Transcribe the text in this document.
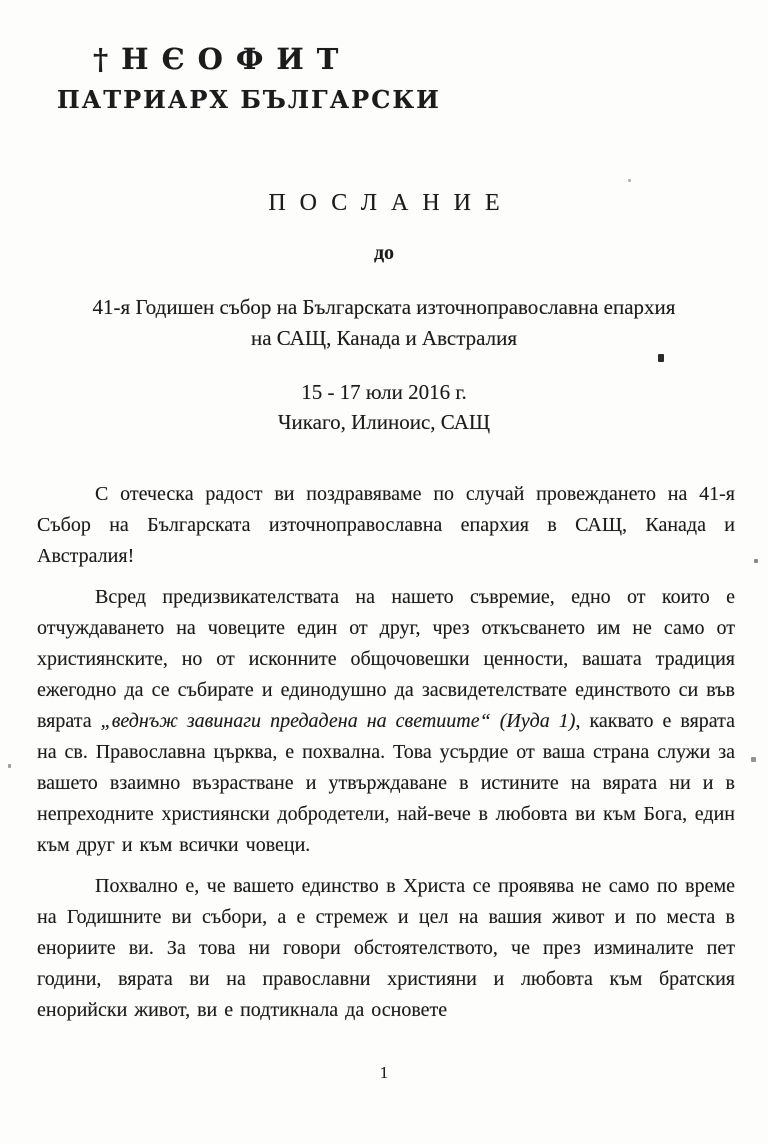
†НЄОФИТ
ПАТРИАРХ БЪЛГАРСКИ
ПОСЛАНИЕ
до
41-я Годишен събор на Българската източноправославна епархия
на САЩ, Канада и Австралия
15 - 17 юли 2016 г.
Чикаго, Илиноис, САЩ

С отеческа радост ви поздравяваме по случай провеждането на 41-я Събор на Българската източноправославна епархия в САЩ, Канада и Австралия!

Всред предизвикателствата на нашето съвремие, едно от които е отчуждаването на човеците един от друг, чрез откъсването им не само от християнските, но от исконните общочовешки ценности, вашата традиция ежегодно да се събирате и единодушно да засвидетелствате единството си във вярата „веднъж завинаги предадена на светиите“ (Иуда 1), каквато е вярата на св. Православна църква, е похвална. Това усърдие от ваша страна служи за вашето взаимно възрастване и утвърждаване в истините на вярата ни и в непреходните християнски добродетели, най-вече в любовта ви към Бога, един към друг и към всички човеци.

Похвално е, че вашето единство в Христа се проявява не само по време на Годишните ви събори, а е стремеж и цел на вашия живот и по места в енориите ви. За това ни говори обстоятелството, че през изминалите пет години, вярата ви на православни християни и любовта към братския енорийски живот, ви е подтикнала да основете

1
